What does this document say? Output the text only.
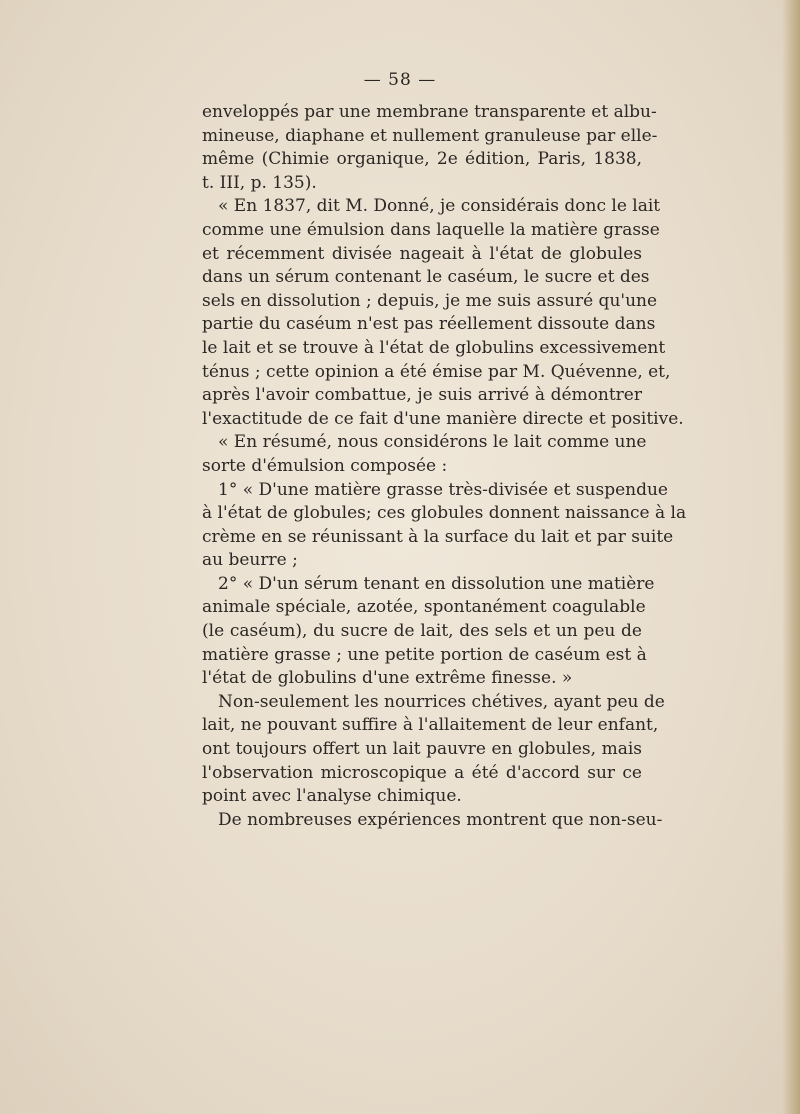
— 58 —
enveloppés par une membrane transparente et albu-
mineuse, diaphane et nullement granuleuse par elle-
même (Chimie organique, 2e édition, Paris, 1838,
t. III, p. 135).
« En 1837, dit M. Donné, je considérais donc le lait
comme une émulsion dans laquelle la matière grasse
et récemment divisée nageait à l'état de globules
dans un sérum contenant le caséum, le sucre et des
sels en dissolution ; depuis, je me suis assuré qu'une
partie du caséum n'est pas réellement dissoute dans
le lait et se trouve à l'état de globulins excessivement
ténus ; cette opinion a été émise par M. Quévenne, et,
après l'avoir combattue, je suis arrivé à démontrer
l'exactitude de ce fait d'une manière directe et positive.
« En résumé, nous considérons le lait comme une
sorte d'émulsion composée :
1° « D'une matière grasse très-divisée et suspendue
à l'état de globules; ces globules donnent naissance à la
crème en se réunissant à la surface du lait et par suite
au beurre ;
2° « D'un sérum tenant en dissolution une matière
animale spéciale, azotée, spontanément coagulable
(le caséum), du sucre de lait, des sels et un peu de
matière grasse ; une petite portion de caséum est à
l'état de globulins d'une extrême finesse. »
Non-seulement les nourrices chétives, ayant peu de
lait, ne pouvant suffire à l'allaitement de leur enfant,
ont toujours offert un lait pauvre en globules, mais
l'observation microscopique a été d'accord sur ce
point avec l'analyse chimique.
De nombreuses expériences montrent que non-seu-
